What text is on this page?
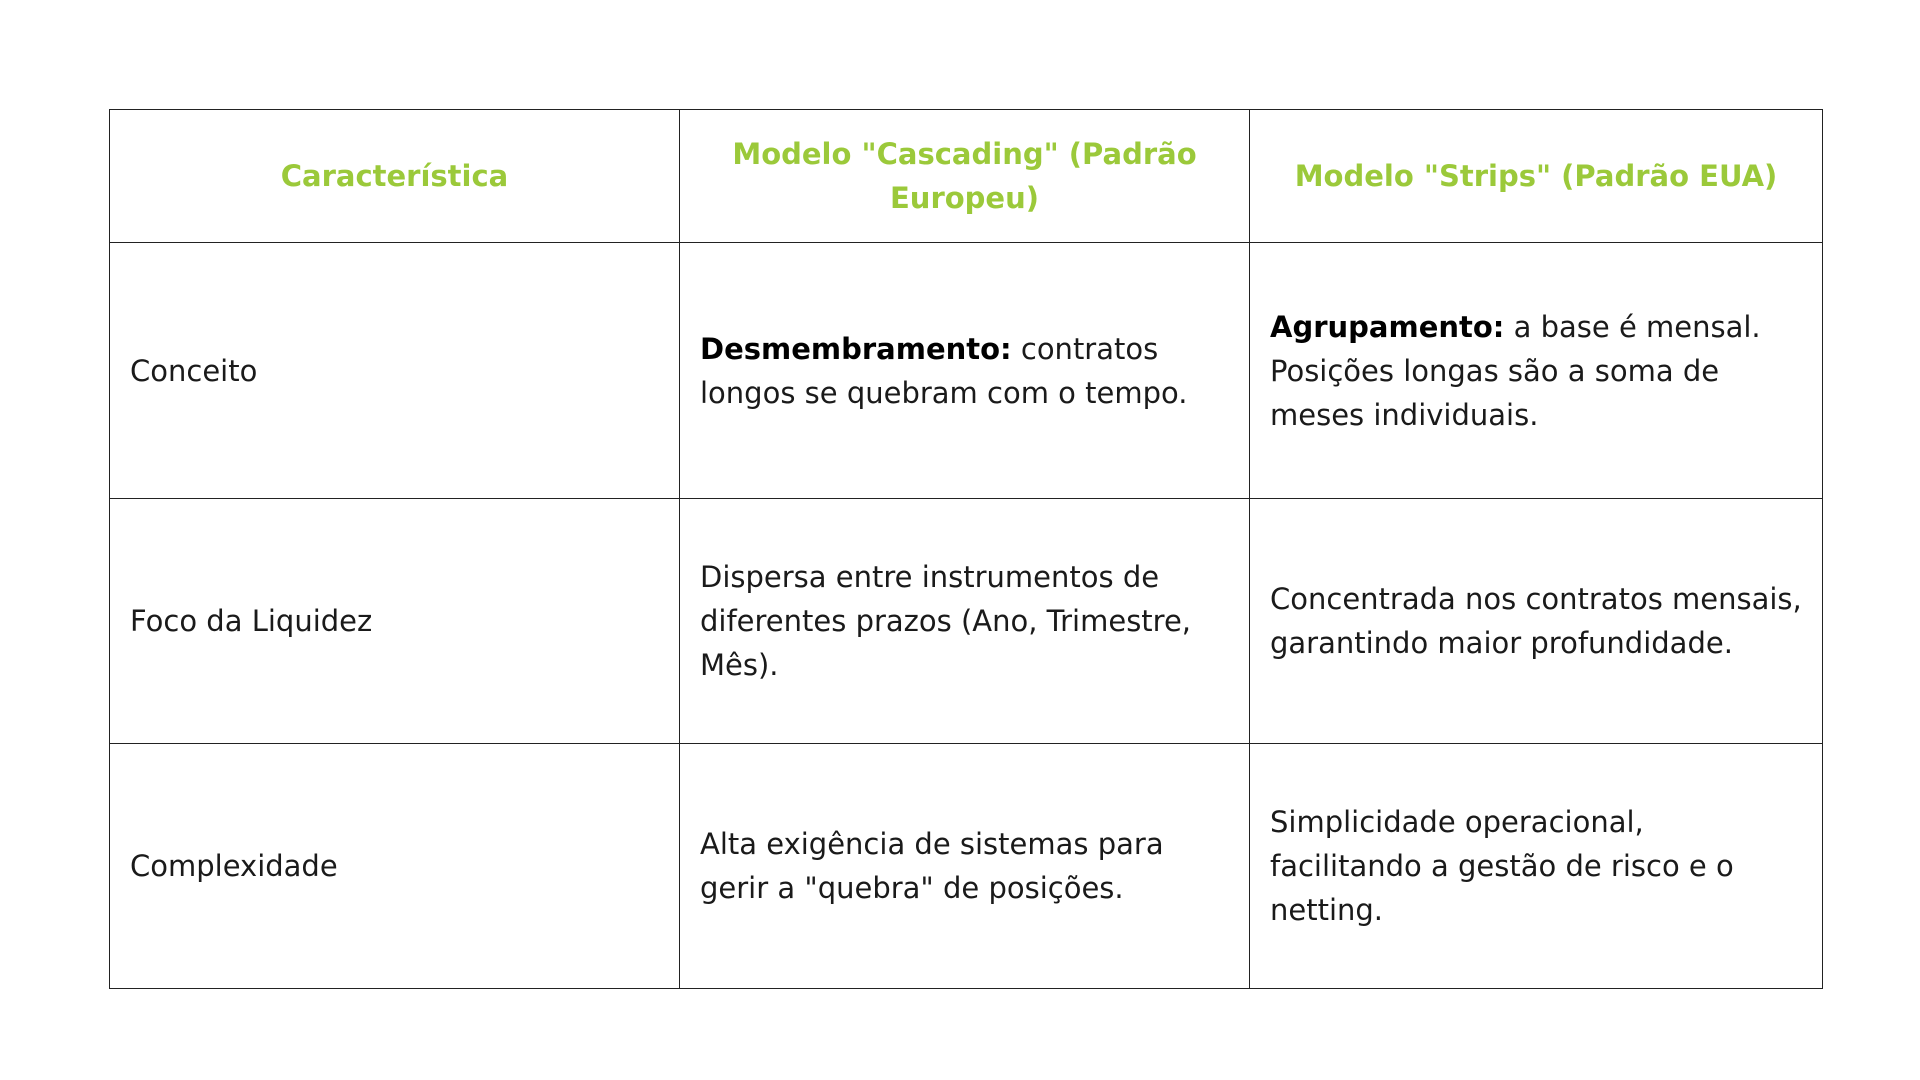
Característica	Modelo "Cascading" (Padrão Europeu)	Modelo "Strips" (Padrão EUA)
Conceito	Desmembramento: contratos longos se quebram com o tempo.	Agrupamento: a base é mensal. Posições longas são a soma de meses individuais.
Foco da Liquidez	Dispersa entre instrumentos de diferentes prazos (Ano, Trimestre, Mês).	Concentrada nos contratos mensais, garantindo maior profundidade.
Complexidade	Alta exigência de sistemas para gerir a "quebra" de posições.	Simplicidade operacional, facilitando a gestão de risco e o netting.
